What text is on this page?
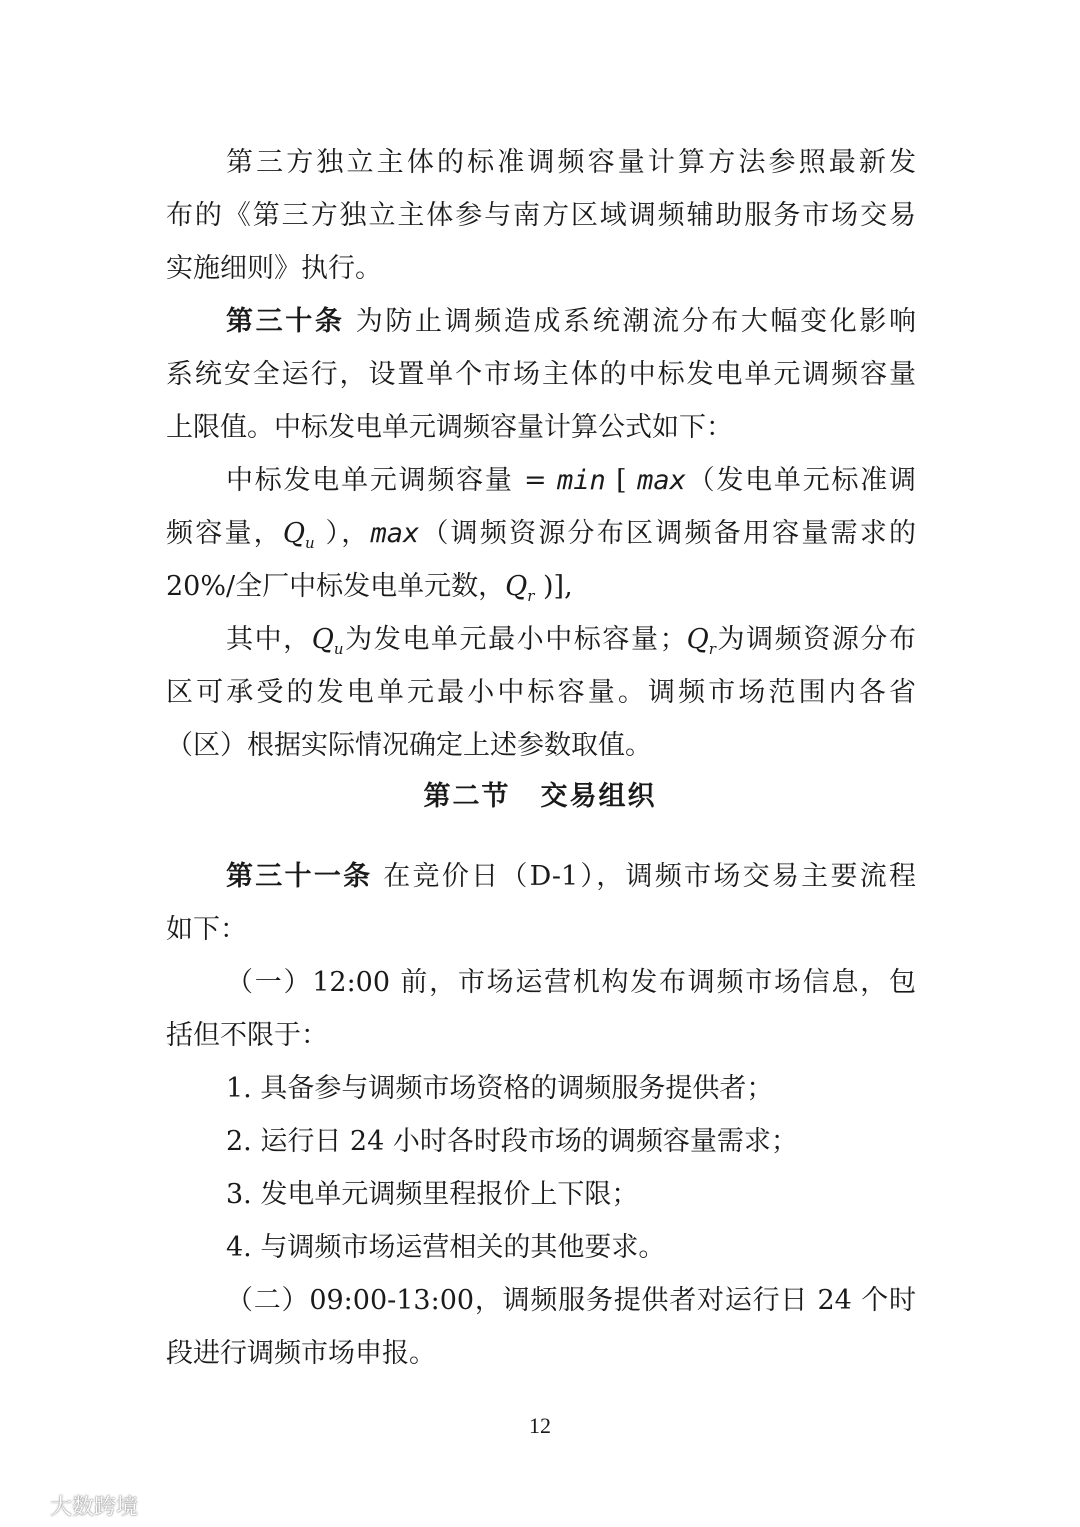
第三方独立主体的标准调频容量计算方法参照最新发
布的《第三方独立主体参与南方区域调频辅助服务市场交易
实施细则》执行。
第三十条 为防止调频造成系统潮流分布大幅变化影响
系统安全运行，设置单个市场主体的中标发电单元调频容量
上限值。中标发电单元调频容量计算公式如下：
中标发电单元调频容量 = min [ max（发电单元标准调
频容量，$Q_u$ ），max（调频资源分布区调频备用容量需求的
20%/全厂中标发电单元数，$Q_r$ )],
其中，$Q_u$为发电单元最小中标容量；$Q_r$为调频资源分布
区可承受的发电单元最小中标容量。调频市场范围内各省
（区）根据实际情况确定上述参数取值。
第二节 交易组织
第三十一条 在竞价日（D-1），调频市场交易主要流程
如下：
（一）12:00 前，市场运营机构发布调频市场信息，包
括但不限于：
1. 具备参与调频市场资格的调频服务提供者；
2. 运行日 24 小时各时段市场的调频容量需求；
3. 发电单元调频里程报价上下限；
4. 与调频市场运营相关的其他要求。
（二）09:00-13:00，调频服务提供者对运行日 24 个时
段进行调频市场申报。
12
大数跨境
